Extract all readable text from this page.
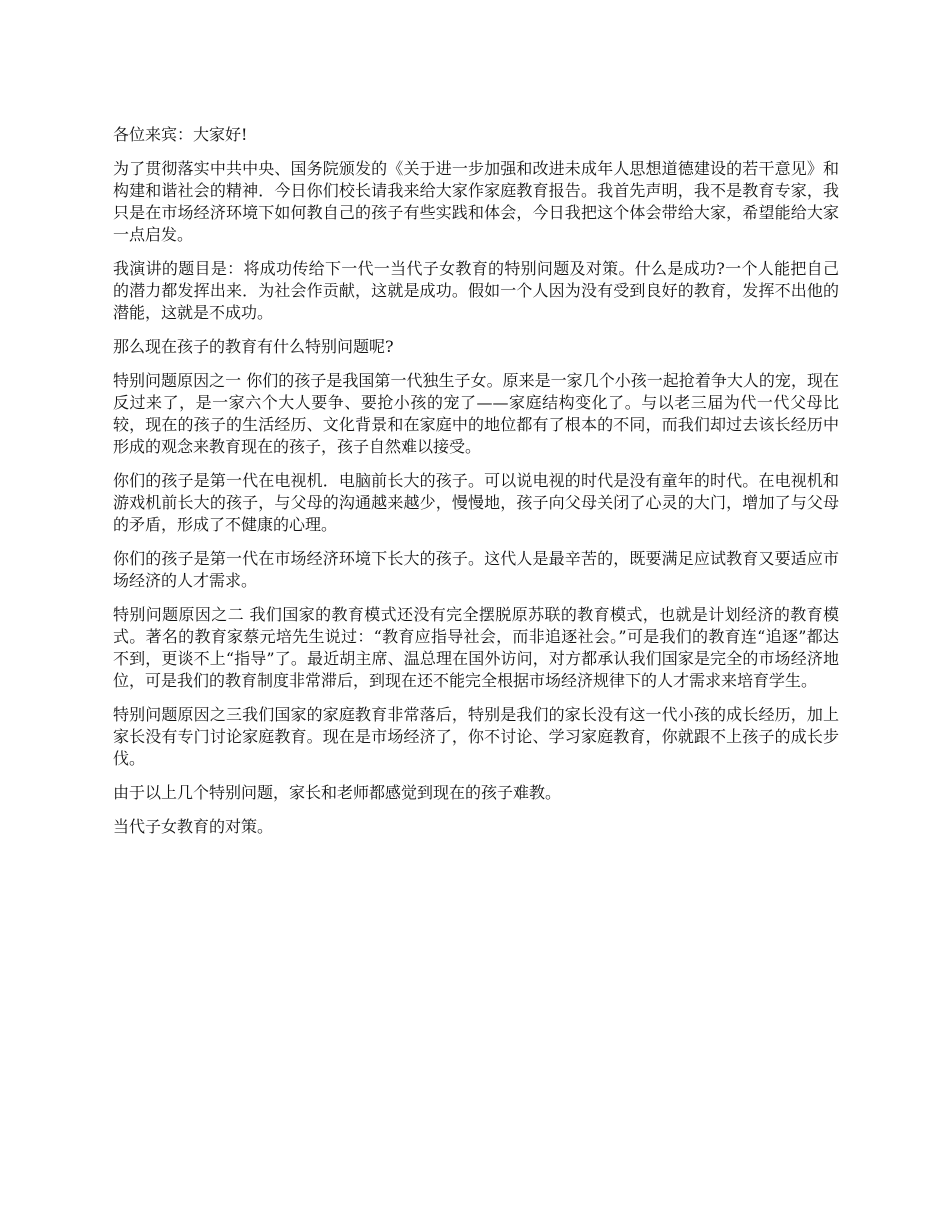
各位来宾：大家好!

为了贯彻落实中共中央、国务院颁发的《关于进一步加强和改进未成年人思想道德建设的若干意见》和构建和谐社会的精神．今日你们校长请我来给大家作家庭教育报告。我首先声明，我不是教育专家，我只是在市场经济环境下如何教自己的孩子有些实践和体会，今日我把这个体会带给大家，希望能给大家一点启发。

我演讲的题目是：将成功传给下一代一当代子女教育的特别问题及对策。什么是成功?一个人能把自己的潜力都发挥出来．为社会作贡献，这就是成功。假如一个人因为没有受到良好的教育，发挥不出他的潜能，这就是不成功。

那么现在孩子的教育有什么特别问题呢?

特别问题原因之一 你们的孩子是我国第一代独生子女。原来是一家几个小孩一起抢着争大人的宠，现在反过来了，是一家六个大人要争、要抢小孩的宠了——家庭结构变化了。与以老三届为代一代父母比较，现在的孩子的生活经历、文化背景和在家庭中的地位都有了根本的不同，而我们却过去该长经历中形成的观念来教育现在的孩子，孩子自然难以接受。

你们的孩子是第一代在电视机．电脑前长大的孩子。可以说电视的时代是没有童年的时代。在电视机和游戏机前长大的孩子，与父母的沟通越来越少，慢慢地，孩子向父母关闭了心灵的大门，增加了与父母的矛盾，形成了不健康的心理。

你们的孩子是第一代在市场经济环境下长大的孩子。这代人是最辛苦的，既要满足应试教育又要适应市场经济的人才需求。

特别问题原因之二 我们国家的教育模式还没有完全摆脱原苏联的教育模式，也就是计划经济的教育模式。著名的教育家蔡元培先生说过：“教育应指导社会，而非追逐社会。”可是我们的教育连“追逐”都达不到，更谈不上“指导”了。最近胡主席、温总理在国外访问，对方都承认我们国家是完全的市场经济地位，可是我们的教育制度非常滞后，到现在还不能完全根据市场经济规律下的人才需求来培育学生。

特别问题原因之三我们国家的家庭教育非常落后，特别是我们的家长没有这一代小孩的成长经历，加上家长没有专门讨论家庭教育。现在是市场经济了，你不讨论、学习家庭教育，你就跟不上孩子的成长步伐。

由于以上几个特别问题，家长和老师都感觉到现在的孩子难教。

当代子女教育的对策。
